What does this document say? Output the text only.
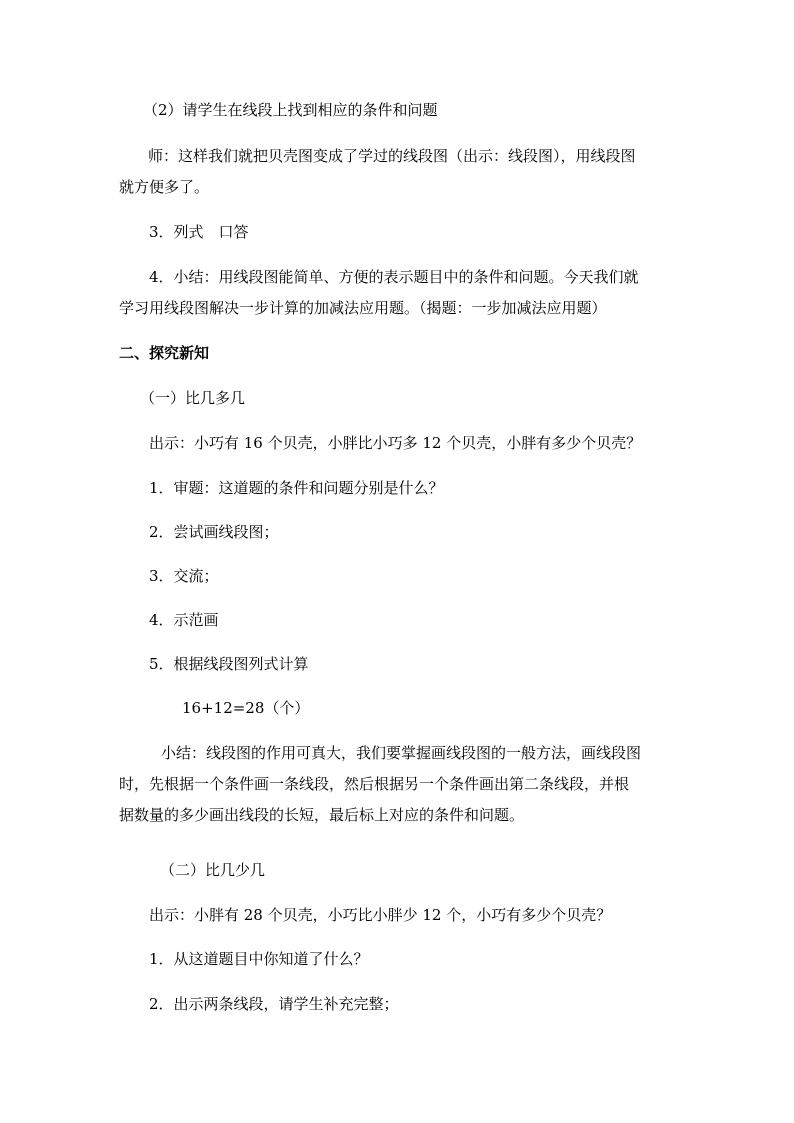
（2）请学生在线段上找到相应的条件和问题

师：这样我们就把贝壳图变成了学过的线段图（出示：线段图），用线段图

就方便多了。

3．列式　口答

4．小结：用线段图能简单、方便的表示题目中的条件和问题。今天我们就

学习用线段图解决一步计算的加减法应用题。（揭题：一步加减法应用题）

二、探究新知

（一）比几多几

出示：小巧有 16 个贝壳，小胖比小巧多 12 个贝壳，小胖有多少个贝壳？

1．审题：这道题的条件和问题分别是什么？

2．尝试画线段图；

3．交流；

4．示范画

5．根据线段图列式计算

16+12=28（个）

小结：线段图的作用可真大，我们要掌握画线段图的一般方法，画线段图

时，先根据一个条件画一条线段，然后根据另一个条件画出第二条线段，并根

据数量的多少画出线段的长短，最后标上对应的条件和问题。

（二）比几少几

出示：小胖有 28 个贝壳，小巧比小胖少 12 个，小巧有多少个贝壳？

1．从这道题目中你知道了什么？

2．出示两条线段，请学生补充完整；
